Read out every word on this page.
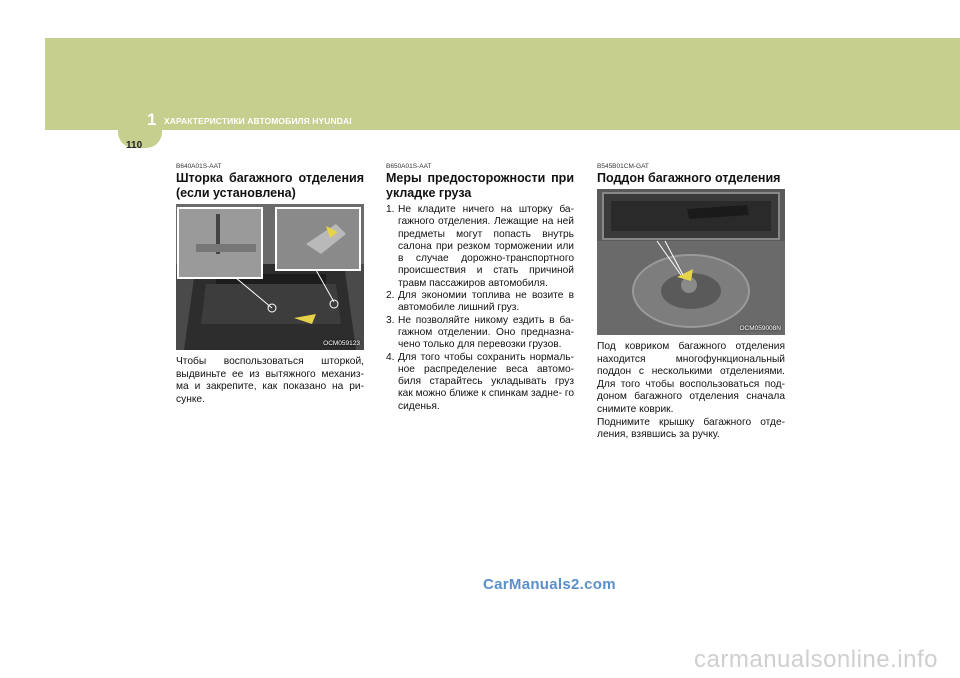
1 ХАРАКТЕРИСТИКИ АВТОМОБИЛЯ HYUNDAI
110
B640A01S-AAT
Шторка багажного отделения (если установлена)
OCM059123

Чтобы воспользоваться шторкой, выдвиньте ее из вытяжного механиз- ма и закрепите, как показано на ри- сунке.

B650A01S-AAT
Меры предосторожности при укладке груза
1. Не кладите ничего на шторку ба- гажного отделения. Лежащие на ней предметы могут попасть внутрь салона при резком торможении или в случае дорожно-транспортного происшествия и стать причиной травм пассажиров автомобиля.
2. Для экономии топлива не возите в автомобиле лишний груз.
3. Не позволяйте никому ездить в ба- гажном отделении. Оно предназна- чено только для перевозки грузов.
4. Для того чтобы сохранить нормаль- ное распределение веса автомо- биля старайтесь укладывать груз как можно ближе к спинкам задне- го сиденья.
B545B01CM-GAT
Поддон багажного отделения
OCM059008N

Под ковриком багажного отделения находится многофункциональный поддон с несколькими отделениями. Для того чтобы воспользоваться под- доном багажного отделения сначала снимите коврик.

Поднимите крышку багажного отде- ления, взявшись за ручку.

CarManuals2.com
carmanualsonline.info
